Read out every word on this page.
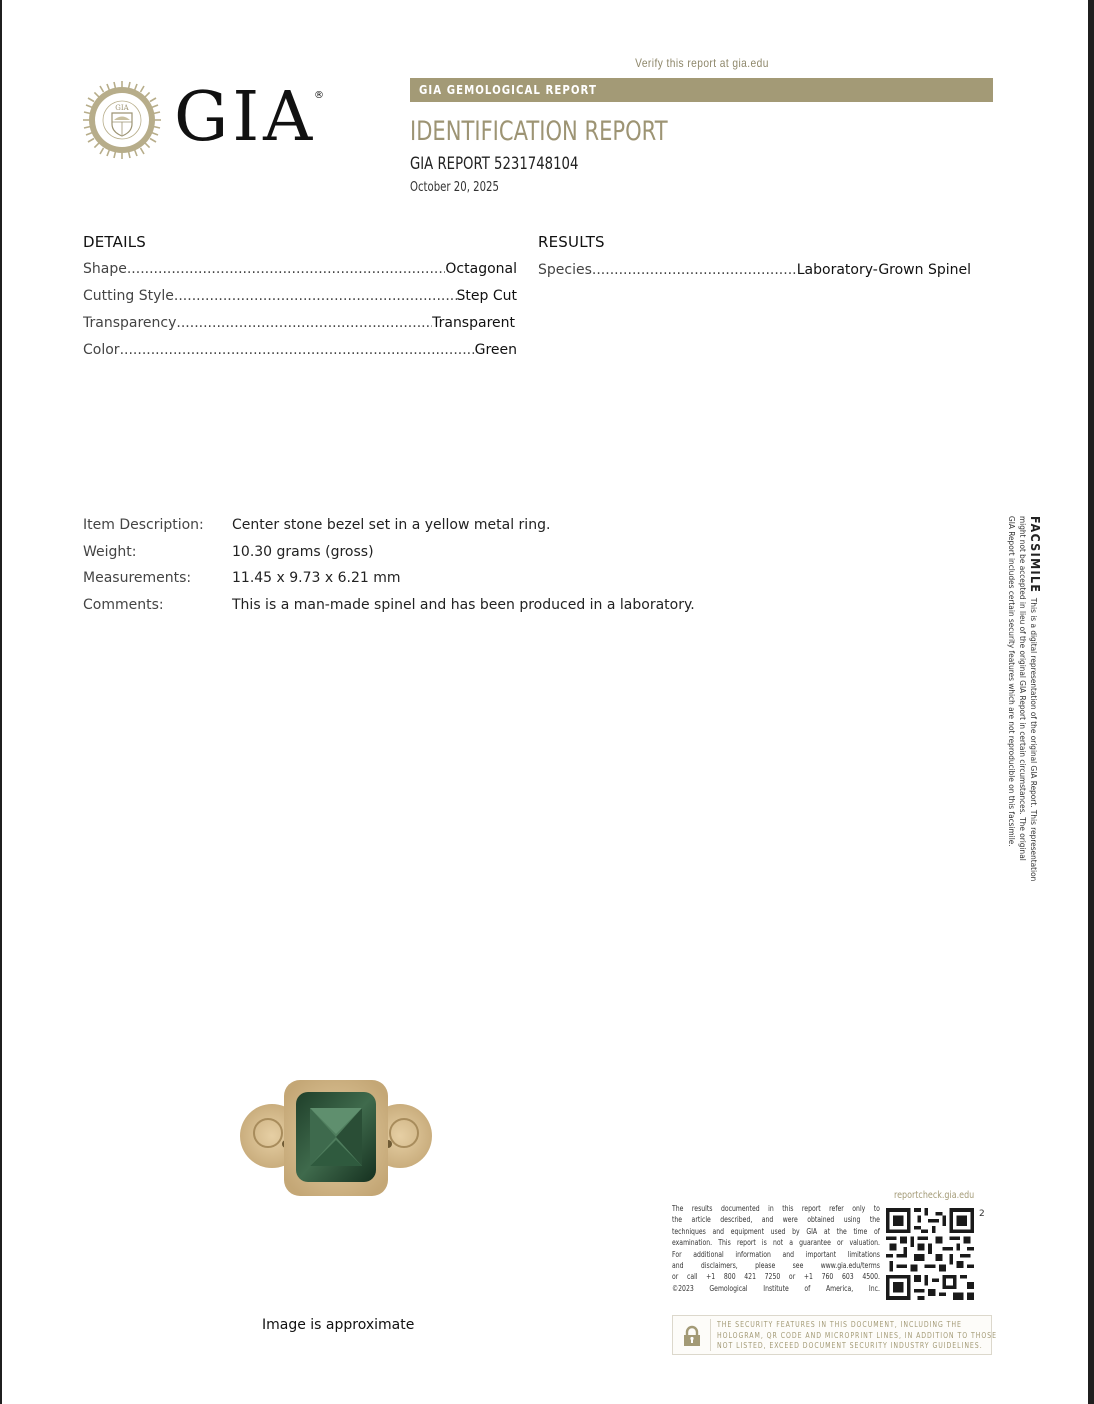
GIA GIA
®
Verify this report at gia.edu
GIA GEMOLOGICAL REPORT
IDENTIFICATION REPORT
GIA REPORT 5231748104
October 20, 2025
DETAILS
Shape .....	Octagonal
Cutting Style .....	Step Cut
Transparency .....	Transparent
Color .....	Green
RESULTS
Species .....	Laboratory-Grown Spinel
Item Description: Center stone bezel set in a yellow metal ring.
Weight:	10.30 grams (gross)
Measurements:	11.45 x 9.73 x 6.21 mm
Comments:	This is a man-made spinel and has been produced in a laboratory.
FACSIMILEThis is a digital representation of the original GIA Report. This representation
might not be accepted in lieu of the original GIA Report in certain circumstances. The original
GIA Report includes certain security features which are not reproducible on this facsimile.
Image is approximate
reportcheck.gia.edu
The results documented in this report refer only to
the article described, and were obtained using the
techniques and equipment used by GIA at the time of
examination. This report is not a guarantee or valuation.
For additional information and important limitations
and disclaimers, please see www.gia.edu/terms
or call +1 800 421 7250 or +1 760 603 4500.
©2023 Gemological Institute of America, Inc.
2
THE SECURITY FEATURES IN THIS DOCUMENT, INCLUDING THE
HOLOGRAM, QR CODE AND MICROPRINT LINES, IN ADDITION TO THOSE
NOT LISTED, EXCEED DOCUMENT SECURITY INDUSTRY GUIDELINES.
